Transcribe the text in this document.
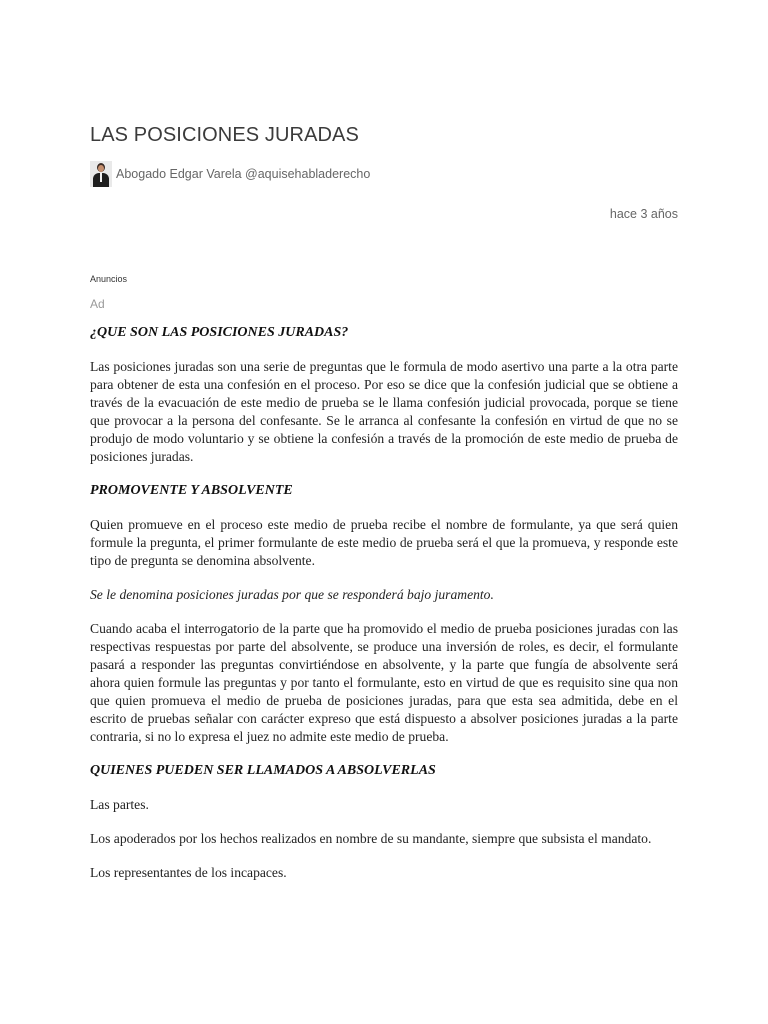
LAS POSICIONES JURADAS
Abogado Edgar Varela @aquisehabladerecho
hace 3 años
Anuncios
Ad
¿QUE SON LAS POSICIONES JURADAS?

Las posiciones juradas son una serie de preguntas que le formula de modo asertivo una parte a la otra parte para obtener de esta una confesión en el proceso. Por eso se dice que la confesión judicial que se obtiene a través de la evacuación de este medio de prueba se le llama confesión judicial provocada, porque se tiene que provocar a la persona del confesante. Se le arranca al confesante la confesión en virtud de que no se produjo de modo voluntario y se obtiene la confesión a través de la promoción de este medio de prueba de posiciones juradas.

PROMOVENTE Y ABSOLVENTE

Quien promueve en el proceso este medio de prueba recibe el nombre de formulante, ya que será quien formule la pregunta, el primer formulante de este medio de prueba será el que la promueva, y responde este tipo de pregunta se denomina absolvente.

Se le denomina posiciones juradas por que se responderá bajo juramento.

Cuando acaba el interrogatorio de la parte que ha promovido el medio de prueba posiciones juradas con las respectivas respuestas por parte del absolvente, se produce una inversión de roles, es decir, el formulante pasará a responder las preguntas convirtiéndose en absolvente, y la parte que fungía de absolvente será ahora quien formule las preguntas y por tanto el formulante, esto en virtud de que es requisito sine qua non que quien promueva el medio de prueba de posiciones juradas, para que esta sea admitida, debe en el escrito de pruebas señalar con carácter expreso que está dispuesto a absolver posiciones juradas a la parte contraria, si no lo expresa el juez no admite este medio de prueba.

QUIENES PUEDEN SER LLAMADOS A ABSOLVERLAS

Las partes.

Los apoderados por los hechos realizados en nombre de su mandante, siempre que subsista el mandato.

Los representantes de los incapaces.
